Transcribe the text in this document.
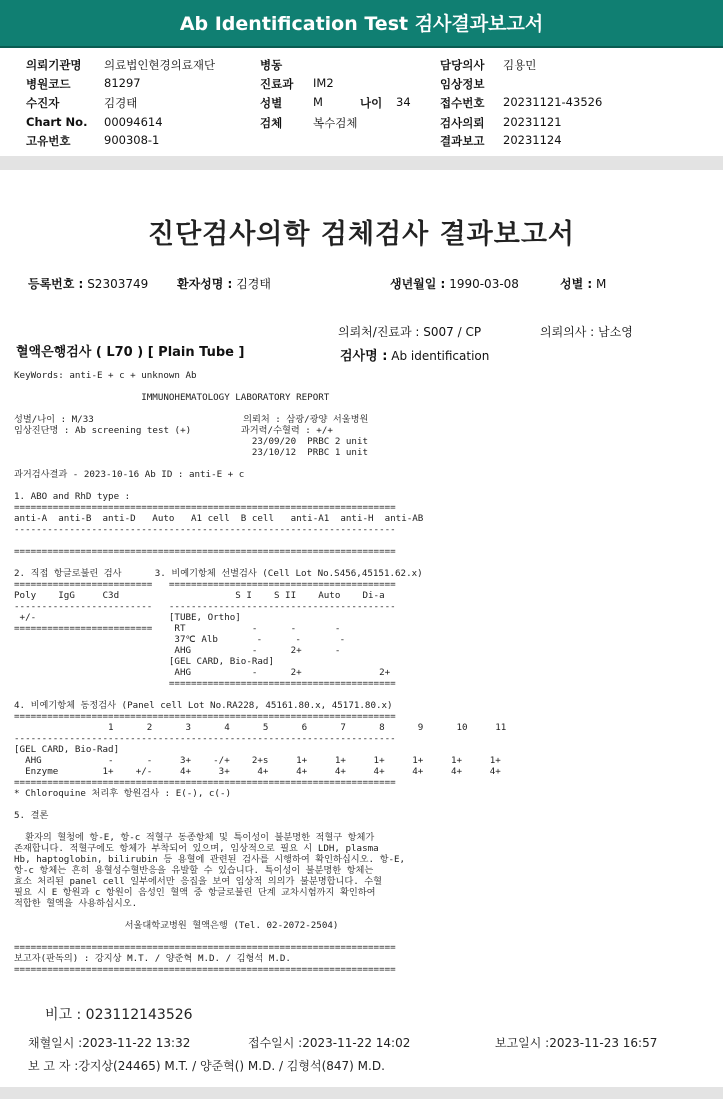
Ab Identification Test 검사결과보고서
의뢰기관명 의료법인현경의료재단
병원코드	81297
수진자	김경태
Chart No. 00094614
고유번호	900308-1
병동
진료과 IM2
성별	M	나이 34
검체	복수검체
담당의사 김용민
임상정보
접수번호 20231121-43526
검사의뢰 20231121
결과보고 20231124
진단검사의학 검체검사 결과보고서
등록번호 : S2303749 환자성명 : 김경태	생년월일 : 1990-03-08	성별 : M
의뢰처/진료과 : S007 / CP	의뢰의사 : 남소영
혈액은행검사 ( L70 ) [ Plain Tube ]	검사명 : Ab identification
KeyWords: anti-E + c + unknown Ab

IMMUNOHEMATOLOGY LABORATORY REPORT

성별/나이 : M/33                           의뢰처 : 삼광/광양 서울병원
임상진단명 : Ab screening test (+)         과거력/수혈력 : +/+
23/09/20  PRBC 2 unit
23/10/12  PRBC 1 unit

과거검사결과 - 2023-10-16 Ab ID : anti-E + c

1. ABO and RhD type :
=====================================================================
anti-A  anti-B  anti-D   Auto   A1 cell  B cell   anti-A1  anti-H  anti-AB
---------------------------------------------------------------------

=====================================================================

2. 직접 항글로불린 검사      3. 비예기항체 선별검사 (Cell Lot No.S456,45151.62.x)
=========================   =========================================
Poly    IgG     C3d                     S I    S II    Auto    Di-a
-------------------------   -----------------------------------------
+/-                        [TUBE, Ortho]
=========================    RT            -      -       -
37℃ Alb       -      -       -
AHG           -      2+      -
[GEL CARD, Bio-Rad]
AHG           -      2+              2+
=========================================

4. 비예기항체 동정검사 (Panel cell Lot No.RA228, 45161.80.x, 45171.80.x)
=====================================================================
1      2      3      4      5      6      7      8      9      10     11
---------------------------------------------------------------------
[GEL CARD, Bio-Rad]
AHG            -      -     3+    -/+    2+s     1+     1+     1+     1+     1+     1+
Enzyme        1+    +/-     4+     3+     4+     4+     4+     4+     4+     4+     4+
=====================================================================
* Chloroquine 처리후 항원검사 : E(-), c(-)

5. 결론

환자의 혈청에 항-E, 항-c 적혈구 동종항체 및 특이성이 불분명한 적혈구 항체가
존재합니다. 적혈구에도 항체가 부착되어 있으며, 임상적으로 필요 시 LDH, plasma
Hb, haptoglobin, bilirubin 등 용혈에 관련된 검사를 시행하여 확인하십시오. 항-E,
항-c 항체는 흔히 용혈성수혈반응을 유발할 수 있습니다. 특이성이 불분명한 항체는
효소 처리된 panel cell 일부에서만 응집을 보여 임상적 의의가 불분명합니다. 수혈
필요 시 E 항원과 c 항원이 음성인 혈액 중 항글로불린 단계 교차시험까지 확인하여
적합한 혈액을 사용하십시오.

서울대학교병원 혈액은행 (Tel. 02-2072-2504)

=====================================================================
보고자(판독의) : 강지상 M.T. / 양준혁 M.D. / 김형석 M.D.
=====================================================================
비고 : 023112143526
채혈일시 :2023-11-22 13:32	접수일시 :2023-11-22 14:02	보고일시 :2023-11-23 16:57
보 고 자 :강지상(24465) M.T. / 양준혁() M.D. / 김형석(847) M.D.
